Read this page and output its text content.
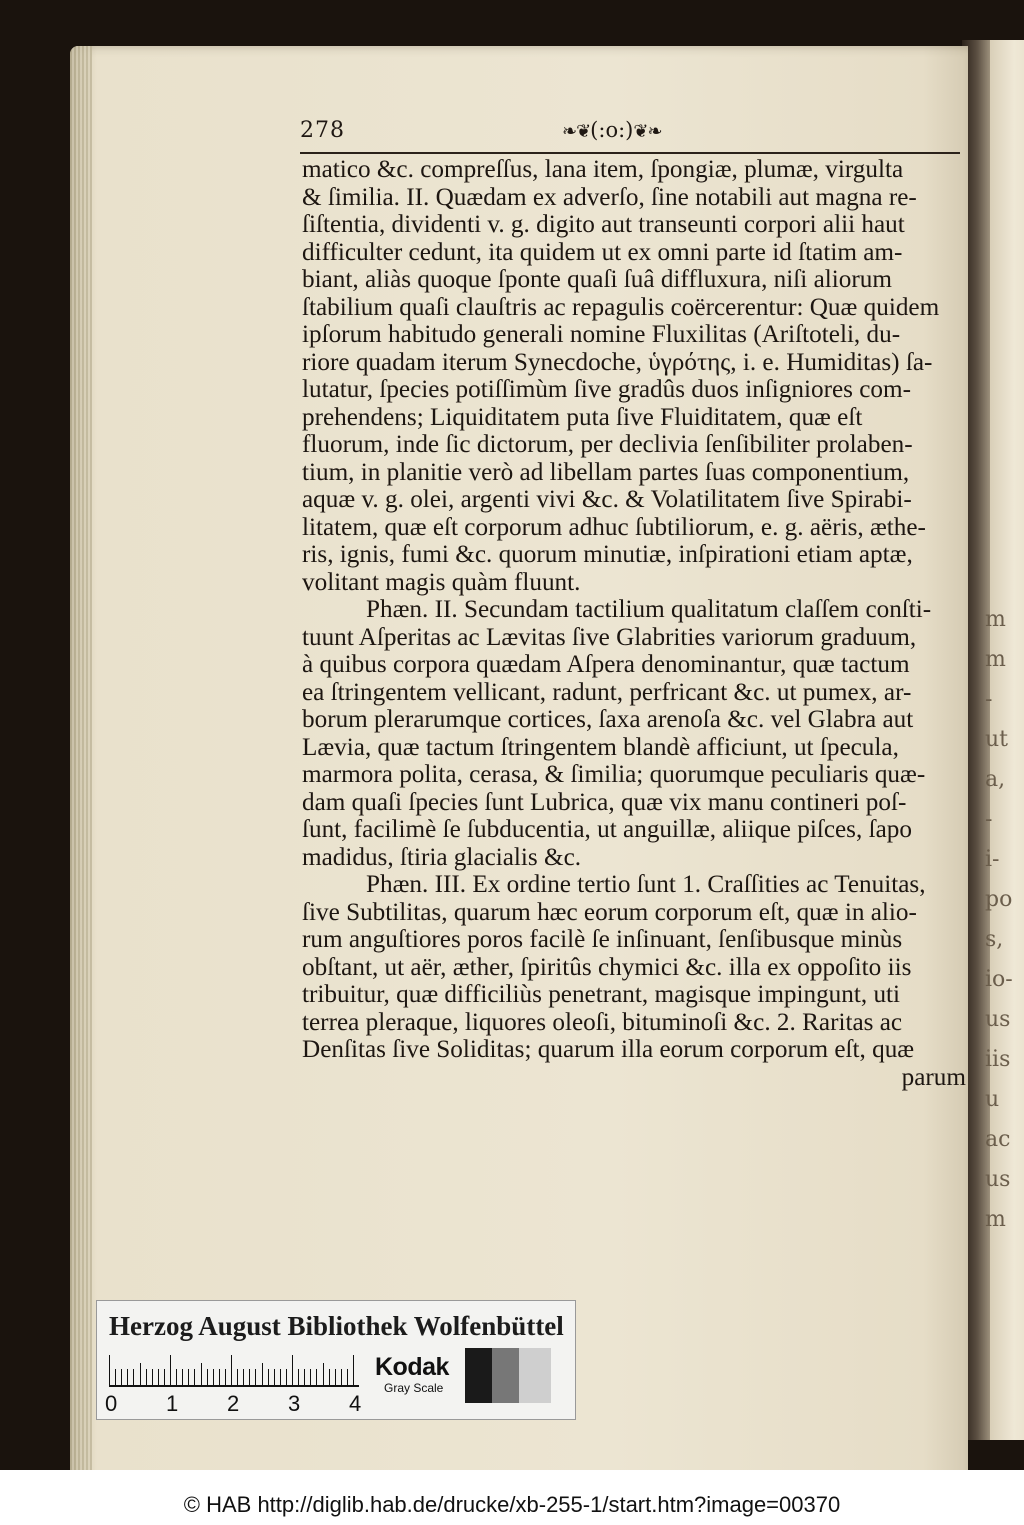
m
m
-
ut
a,
-
i-
po
s,
io-
us
iis
u
ac
us
m
278	❧❦(:o:)❦❧
matico &c. compreſſus, lana item, ſpongiæ, plumæ, virgulta
& ſimilia. II. Quædam ex adverſo, ſine notabili aut magna re-
ſiſtentia, dividenti v. g. digito aut transeunti corpori alii haut
difficulter cedunt, ita quidem ut ex omni parte id ſtatim am-
biant, aliàs quoque ſponte quaſi ſuâ diffluxura, niſi aliorum
ſtabilium quaſi clauſtris ac repagulis coërcerentur: Quæ quidem
ipſorum habitudo generali nomine Fluxilitas (Ariſtoteli, du-
riore quadam iterum Synecdoche, ὑγρότης, i. e. Humiditas) ſa-
lutatur, ſpecies potiſſimùm ſive gradûs duos inſigniores com-
prehendens; Liquiditatem puta ſive Fluiditatem, quæ eſt
fluorum, inde ſic dictorum, per declivia ſenſibiliter prolaben-
tium, in planitie verò ad libellam partes ſuas componentium,
aquæ v. g. olei, argenti vivi &c. & Volatilitatem ſive Spirabi-
litatem, quæ eſt corporum adhuc ſubtiliorum, e. g. aëris, æthe-
ris, ignis, fumi &c. quorum minutiæ, inſpirationi etiam aptæ,
volitant magis quàm fluunt.
Phæn. II. Secundam tactilium qualitatum claſſem conſti-
tuunt Aſperitas ac Lævitas ſive Glabrities variorum graduum,
à quibus corpora quædam Aſpera denominantur, quæ tactum
ea ſtringentem vellicant, radunt, perfricant &c. ut pumex, ar-
borum plerarumque cortices, ſaxa arenoſa &c. vel Glabra aut
Lævia, quæ tactum ſtringentem blandè afficiunt, ut ſpecula,
marmora polita, cerasa, & ſimilia; quorumque peculiaris quæ-
dam quaſi ſpecies ſunt Lubrica, quæ vix manu contineri poſ-
ſunt, facilimè ſe ſubducentia, ut anguillæ, aliique piſces, ſapo
madidus, ſtiria glacialis &c.
Phæn. III. Ex ordine tertio ſunt 1. Craſſities ac Tenuitas,
ſive Subtilitas, quarum hæc eorum corporum eſt, quæ in alio-
rum anguſtiores poros facilè ſe inſinuant, ſenſibusque minùs
obſtant, ut aër, æther, ſpiritûs chymici &c. illa ex oppoſito iis
tribuitur, quæ difficiliùs penetrant, magisque impingunt, uti
terrea pleraque, liquores oleoſi, bituminoſi &c. 2. Raritas ac
Denſitas ſive Soliditas; quarum illa eorum corporum eſt, quæ
parum
Herzog August Bibliothek Wolfenbüttel
0 1 2 3 4
Kodak
Gray Scale
© HAB http://diglib.hab.de/drucke/xb-255-1/start.htm?image=00370
